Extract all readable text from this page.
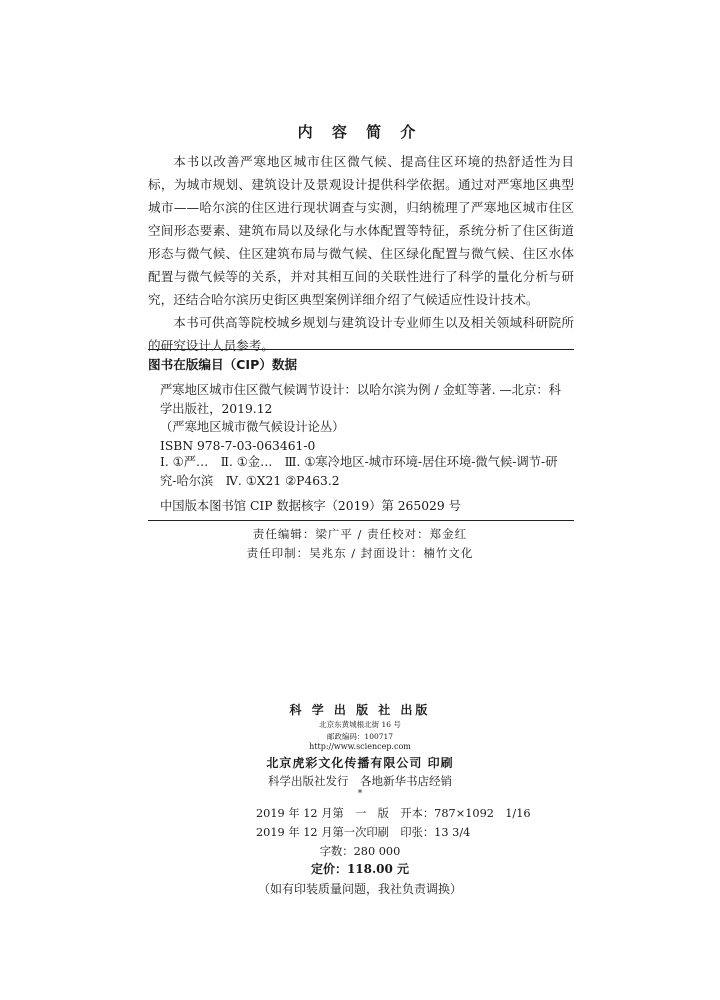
内 容 简 介

本书以改善严寒地区城市住区微气候、提高住区环境的热舒适性为目标，为城市规划、建筑设计及景观设计提供科学依据。通过对严寒地区典型城市——哈尔滨的住区进行现状调查与实测，归纳梳理了严寒地区城市住区空间形态要素、建筑布局以及绿化与水体配置等特征，系统分析了住区街道形态与微气候、住区建筑布局与微气候、住区绿化配置与微气候、住区水体配置与微气候等的关系，并对其相互间的关联性进行了科学的量化分析与研究，还结合哈尔滨历史街区典型案例详细介绍了气候适应性设计技术。

本书可供高等院校城乡规划与建筑设计专业师生以及相关领域科研院所的研究设计人员参考。

图书在版编目（CIP）数据

严寒地区城市住区微气候调节设计：以哈尔滨为例 / 金虹等著. —北京：科学出版社，2019.12

（严寒地区城市微气候设计论丛）

ISBN 978-7-03-063461-0

Ⅰ. ①严…　Ⅱ. ①金…　Ⅲ. ①寒冷地区-城市环境-居住环境-微气候-调节-研究-哈尔滨　Ⅳ. ①X21 ②P463.2

中国版本图书馆 CIP 数据核字（2019）第 265029 号

责任编辑：梁广平 / 责任校对：郑金红
责任印制：吴兆东 / 封面设计：楠竹文化
科 学 出 版 社 出版
北京东黄城根北街 16 号
邮政编码：100717
http://www.sciencep.com
北京虎彩文化传播有限公司 印刷
科学出版社发行　各地新华书店经销
*
2019 年 12 月第　一　版　开本：787×1092　1/16
2019 年 12 月第一次印刷　印张：13 3/4
字数：280 000
定价：118.00 元
（如有印装质量问题，我社负责调换）
